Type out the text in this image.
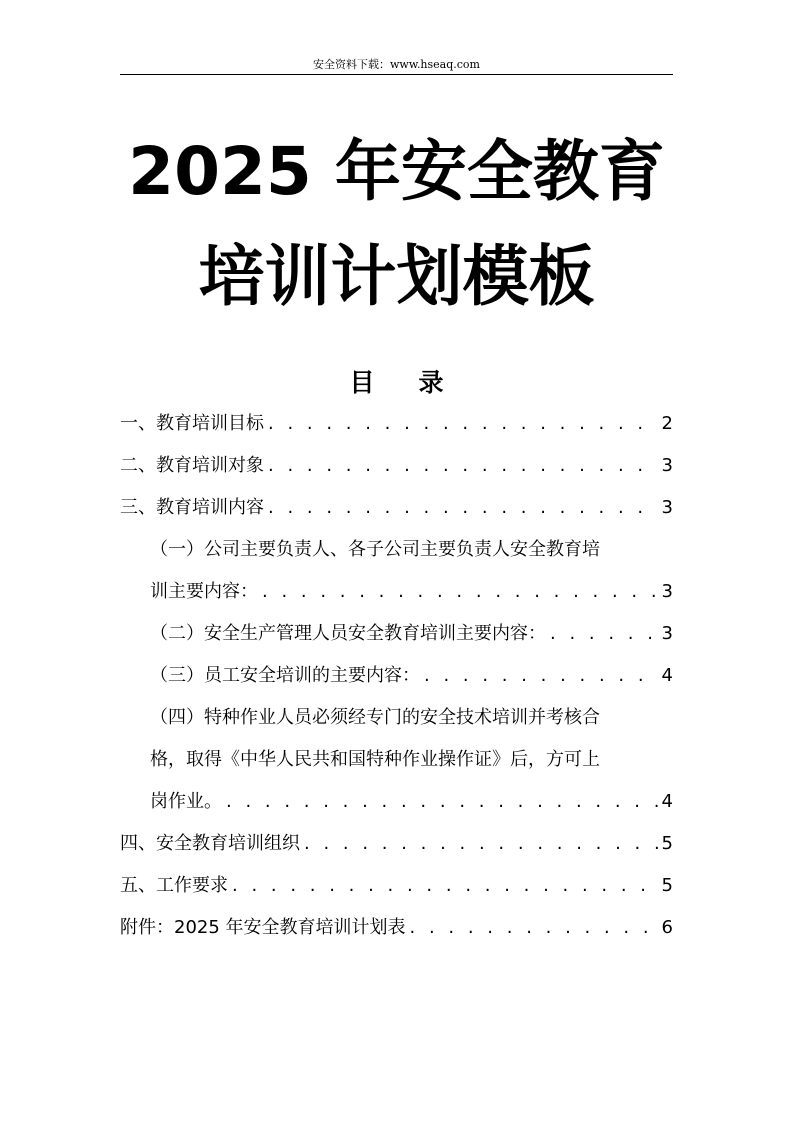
安全资料下载：www.hseaq.com
2025 年安全教育
培训计划模板
目 录
一、教育培训目标 . . .	2
二、教育培训对象 . . .	3
三、教育培训内容 . . .	3
（一）公司主要负责人、各子公司主要负责人安全教育培
训主要内容： . . .	3
（二）安全生产管理人员安全教育培训主要内容： . . .	3
（三）员工安全培训的主要内容： . . .	4
（四）特种作业人员必须经专门的安全技术培训并考核合
格，取得《中华人民共和国特种作业操作证》后，方可上
岗作业。 . . .	4
四、安全教育培训组织 . . .	5
五、工作要求 . . .	5
附件：2025 年安全教育培训计划表 . . .	6
